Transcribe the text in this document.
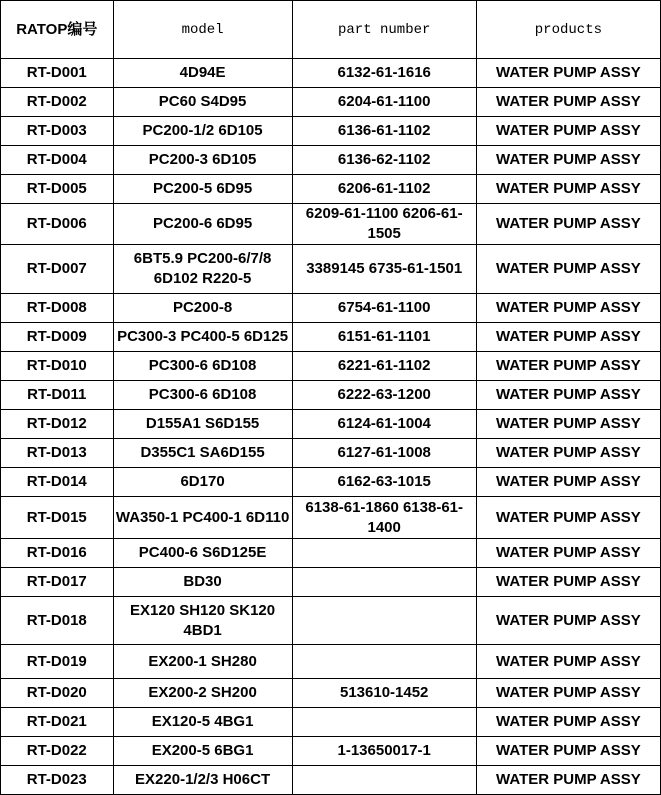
RATOP编号	model	part number	products
RT-D001	4D94E	6132-61-1616	WATER PUMP ASSY
RT-D002	PC60 S4D95	6204-61-1100	WATER PUMP ASSY
RT-D003	PC200-1/2 6D105	6136-61-1102	WATER PUMP ASSY
RT-D004	PC200-3 6D105	6136-62-1102	WATER PUMP ASSY
RT-D005	PC200-5 6D95	6206-61-1102	WATER PUMP ASSY
RT-D006	PC200-6 6D95	6209-61-1100 6206-61-1505	WATER PUMP ASSY
RT-D007	6BT5.9 PC200-6/7/8 6D102 R220-5	3389145 6735-61-1501	WATER PUMP ASSY
RT-D008	PC200-8	6754-61-1100	WATER PUMP ASSY
RT-D009	PC300-3 PC400-5 6D125	6151-61-1101	WATER PUMP ASSY
RT-D010	PC300-6 6D108	6221-61-1102	WATER PUMP ASSY
RT-D011	PC300-6 6D108	6222-63-1200	WATER PUMP ASSY
RT-D012	D155A1 S6D155	6124-61-1004	WATER PUMP ASSY
RT-D013	D355C1 SA6D155	6127-61-1008	WATER PUMP ASSY
RT-D014	6D170	6162-63-1015	WATER PUMP ASSY
RT-D015	WA350-1 PC400-1 6D110	6138-61-1860 6138-61-1400	WATER PUMP ASSY
RT-D016	PC400-6 S6D125E		WATER PUMP ASSY
RT-D017	BD30		WATER PUMP ASSY
RT-D018	EX120 SH120 SK120 4BD1		WATER PUMP ASSY
RT-D019	EX200-1 SH280		WATER PUMP ASSY
RT-D020	EX200-2 SH200	513610-1452	WATER PUMP ASSY
RT-D021	EX120-5 4BG1		WATER PUMP ASSY
RT-D022	EX200-5 6BG1	1-13650017-1	WATER PUMP ASSY
RT-D023	EX220-1/2/3 H06CT		WATER PUMP ASSY
